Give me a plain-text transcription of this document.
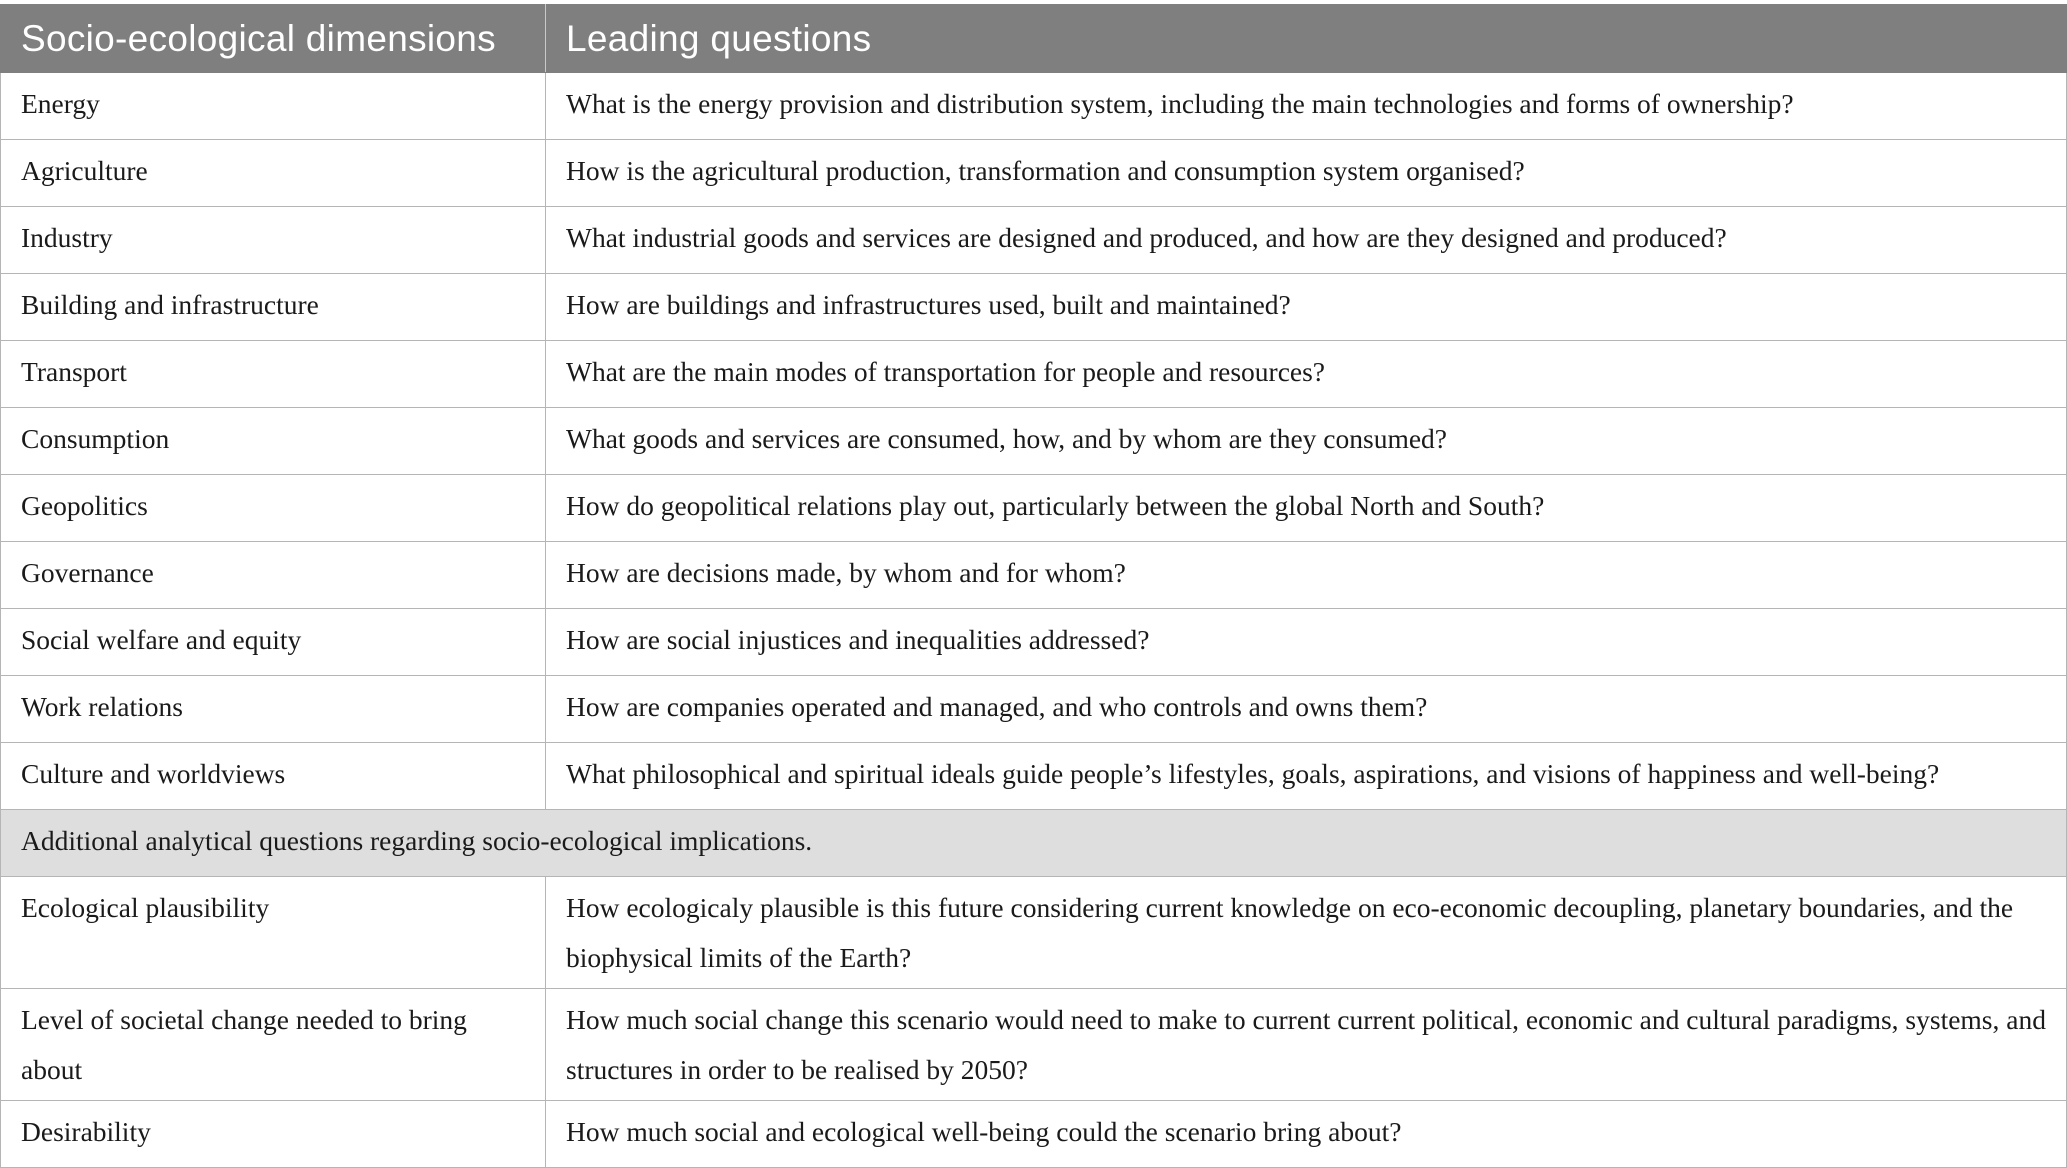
Socio-ecological dimensions	Leading questions
Energy	What is the energy provision and distribution system, including the main technologies and forms of ownership?
Agriculture	How is the agricultural production, transformation and consumption system organised?
Industry	What industrial goods and services are designed and produced, and how are they designed and produced?
Building and infrastructure	How are buildings and infrastructures used, built and maintained?
Transport	What are the main modes of transportation for people and resources?
Consumption	What goods and services are consumed, how, and by whom are they consumed?
Geopolitics	How do geopolitical relations play out, particularly between the global North and South?
Governance	How are decisions made, by whom and for whom?
Social welfare and equity	How are social injustices and inequalities addressed?
Work relations	How are companies operated and managed, and who controls and owns them?
Culture and worldviews	What philosophical and spiritual ideals guide people’s lifestyles, goals, aspirations, and visions of happiness and well-being?
Additional analytical questions regarding socio-ecological implications.	
Ecological plausibility	How ecologicaly plausible is this future considering current knowledge on eco-economic decoupling, planetary boundaries, and the biophysical limits of the Earth?
Level of societal change needed to bring about	How much social change this scenario would need to make to current current political, economic and cultural paradigms, systems, and structures in order to be realised by 2050?
Desirability	How much social and ecological well-being could the scenario bring about?
